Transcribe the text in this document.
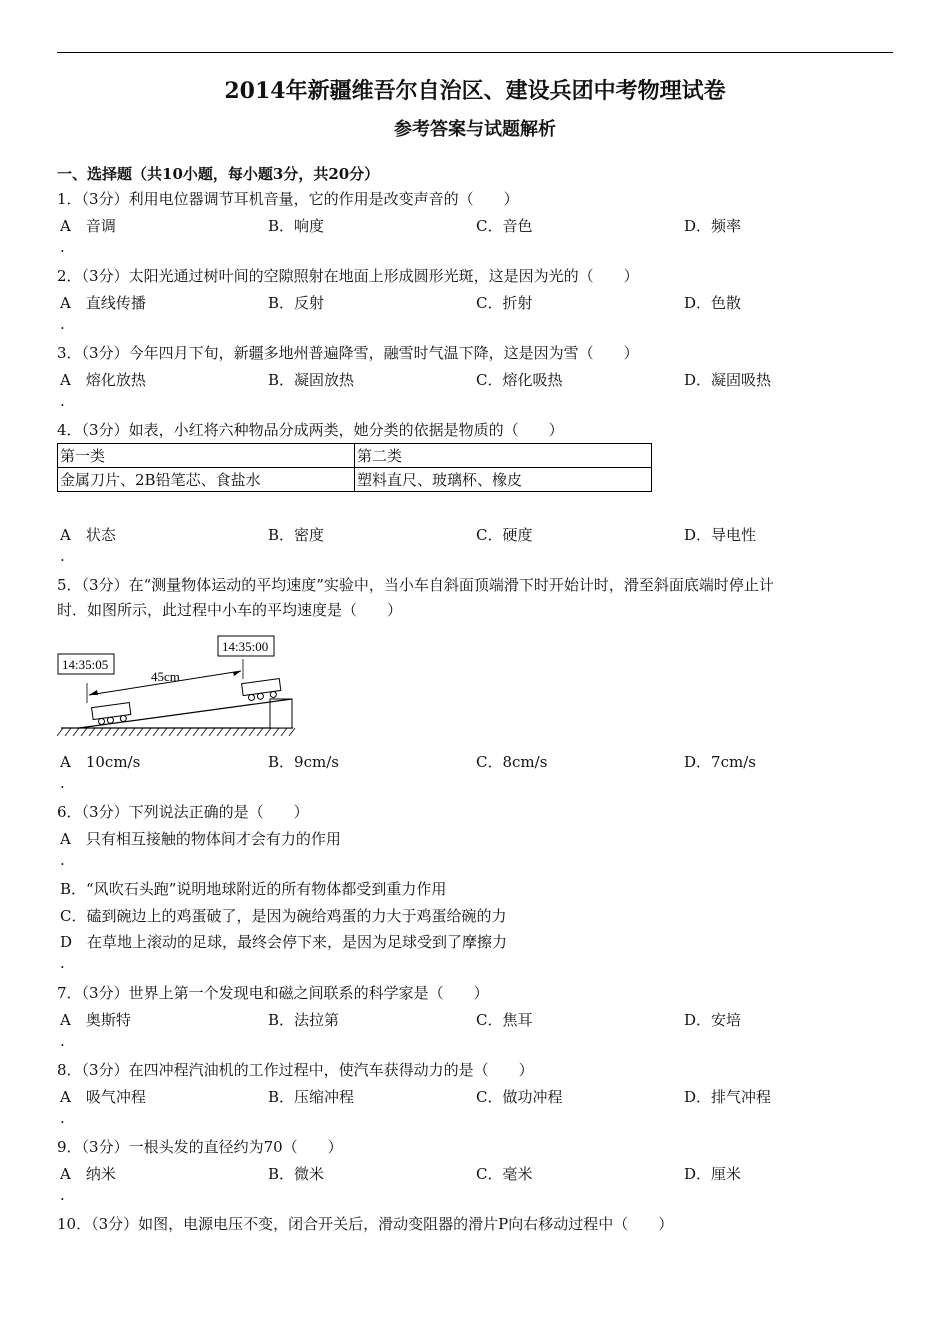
2014年新疆维吾尔自治区、建设兵团中考物理试卷
参考答案与试题解析
一、选择题（共10小题，每小题3分，共20分）
1．（3分）利用电位器调节耳机音量，它的作用是改变声音的（　　）
A　音调	B．响度	C．音色	D．频率
.
2．（3分）太阳光通过树叶间的空隙照射在地面上形成圆形光斑，这是因为光的（　　）
A　直线传播	B．反射	C．折射	D．色散
.
3．（3分）今年四月下旬，新疆多地州普遍降雪，融雪时气温下降，这是因为雪（　　）
A　熔化放热	B．凝固放热	C．熔化吸热	D．凝固吸热
.
4．（3分）如表，小红将六种物品分成两类，她分类的依据是物质的（　　）
第一类	第二类
金属刀片、2B铅笔芯、食盐水	塑料直尺、玻璃杯、橡皮
A　状态	B．密度	C．硬度	D．导电性
.
5．（3分）在“测量物体运动的平均速度”实验中，当小车自斜面顶端滑下时开始计时，滑至斜面底端时停止计
时．如图所示，此过程中小车的平均速度是（　　）
45cm
14:35:05
14:35:00
A　10cm/s	B．9cm/s	C．8cm/s	D．7cm/s
.
6．（3分）下列说法正确的是（　　）
A　只有相互接触的物体间才会有力的作用
.
B．“风吹石头跑”说明地球附近的所有物体都受到重力作用
C．磕到碗边上的鸡蛋破了，是因为碗给鸡蛋的力大于鸡蛋给碗的力
D　在草地上滚动的足球，最终会停下来，是因为足球受到了摩擦力
.
7．（3分）世界上第一个发现电和磁之间联系的科学家是（　　）
A　奥斯特	B．法拉第	C．焦耳	D．安培
.
8．（3分）在四冲程汽油机的工作过程中，使汽车获得动力的是（　　）
A　吸气冲程	B．压缩冲程	C．做功冲程	D．排气冲程
.
9．（3分）一根头发的直径约为70（　　）
A　纳米	B．微米	C．毫米	D．厘米
.
10．（3分）如图，电源电压不变，闭合开关后，滑动变阻器的滑片P向右移动过程中（　　）
